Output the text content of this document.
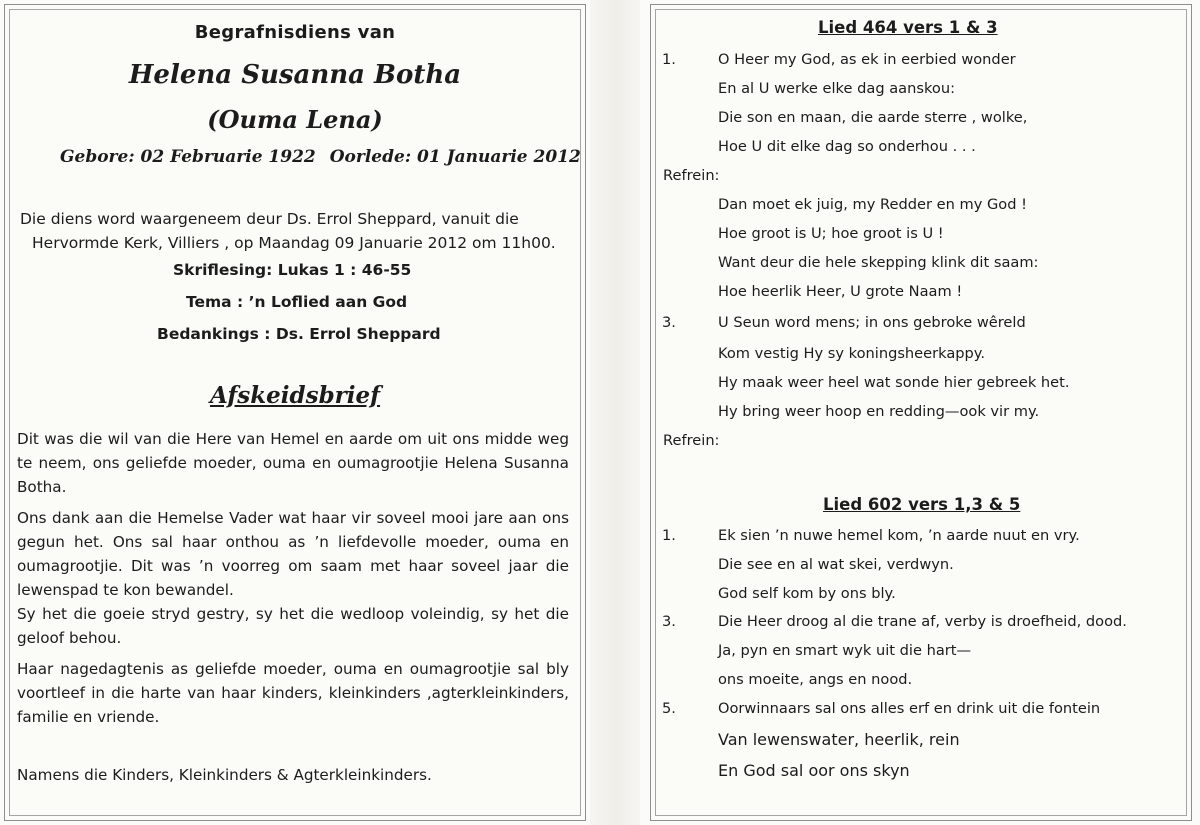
Begrafnisdiens van
Helena Susanna Botha
(Ouma Lena)
Gebore: 02 Februarie 1922 Oorlede: 01 Januarie 2012
Die diens word waargeneem deur Ds. Errol Sheppard, vanuit die
Hervormde Kerk, Villiers , op Maandag 09 Januarie 2012 om 11h00.
Skriflesing: Lukas 1 : 46-55
Tema : ’n Loflied aan God
Bedankings : Ds. Errol Sheppard
Afskeidsbrief
Dit was die wil van die Here van Hemel en aarde om uit ons midde weg te neem, ons geliefde moeder, ouma en oumagrootjie Helena Susanna Botha.
Ons dank aan die Hemelse Vader wat haar vir soveel mooi jare aan ons gegun het. Ons sal haar onthou as ’n liefdevolle moeder, ouma en oumagrootjie. Dit was ’n voorreg om saam met haar soveel jaar die lewenspad te kon bewandel.
Sy het die goeie stryd gestry, sy het die wedloop voleindig, sy het die geloof behou.
Haar nagedagtenis as geliefde moeder, ouma en oumagrootjie sal bly voortleef in die harte van haar kinders, kleinkinders ,agterkleinkinders, familie en vriende.
Namens die Kinders, Kleinkinders & Agterkleinkinders.
Lied 464 vers 1 & 3
1.	O Heer my God, as ek in eerbied wonder
En al U werke elke dag aanskou:
Die son en maan, die aarde sterre , wolke,
Hoe U dit elke dag so onderhou . . .
Refrein:
Dan moet ek juig, my Redder en my God !
Hoe groot is U; hoe groot is U !
Want deur die hele skepping klink dit saam:
Hoe heerlik Heer, U grote Naam !
3.	U Seun word mens; in ons gebroke wêreld
Kom vestig Hy sy koningsheerkappy.
Hy maak weer heel wat sonde hier gebreek het.
Hy bring weer hoop en redding—ook vir my.
Refrein:
Lied 602 vers 1,3 & 5
1.	Ek sien ’n nuwe hemel kom, ’n aarde nuut en vry.
Die see en al wat skei, verdwyn.
God self kom by ons bly.
3.	Die Heer droog al die trane af, verby is droefheid, dood.
Ja, pyn en smart wyk uit die hart—
ons moeite, angs en nood.
5.	Oorwinnaars sal ons alles erf en drink uit die fontein
Van lewenswater, heerlik, rein
En God sal oor ons skyn
